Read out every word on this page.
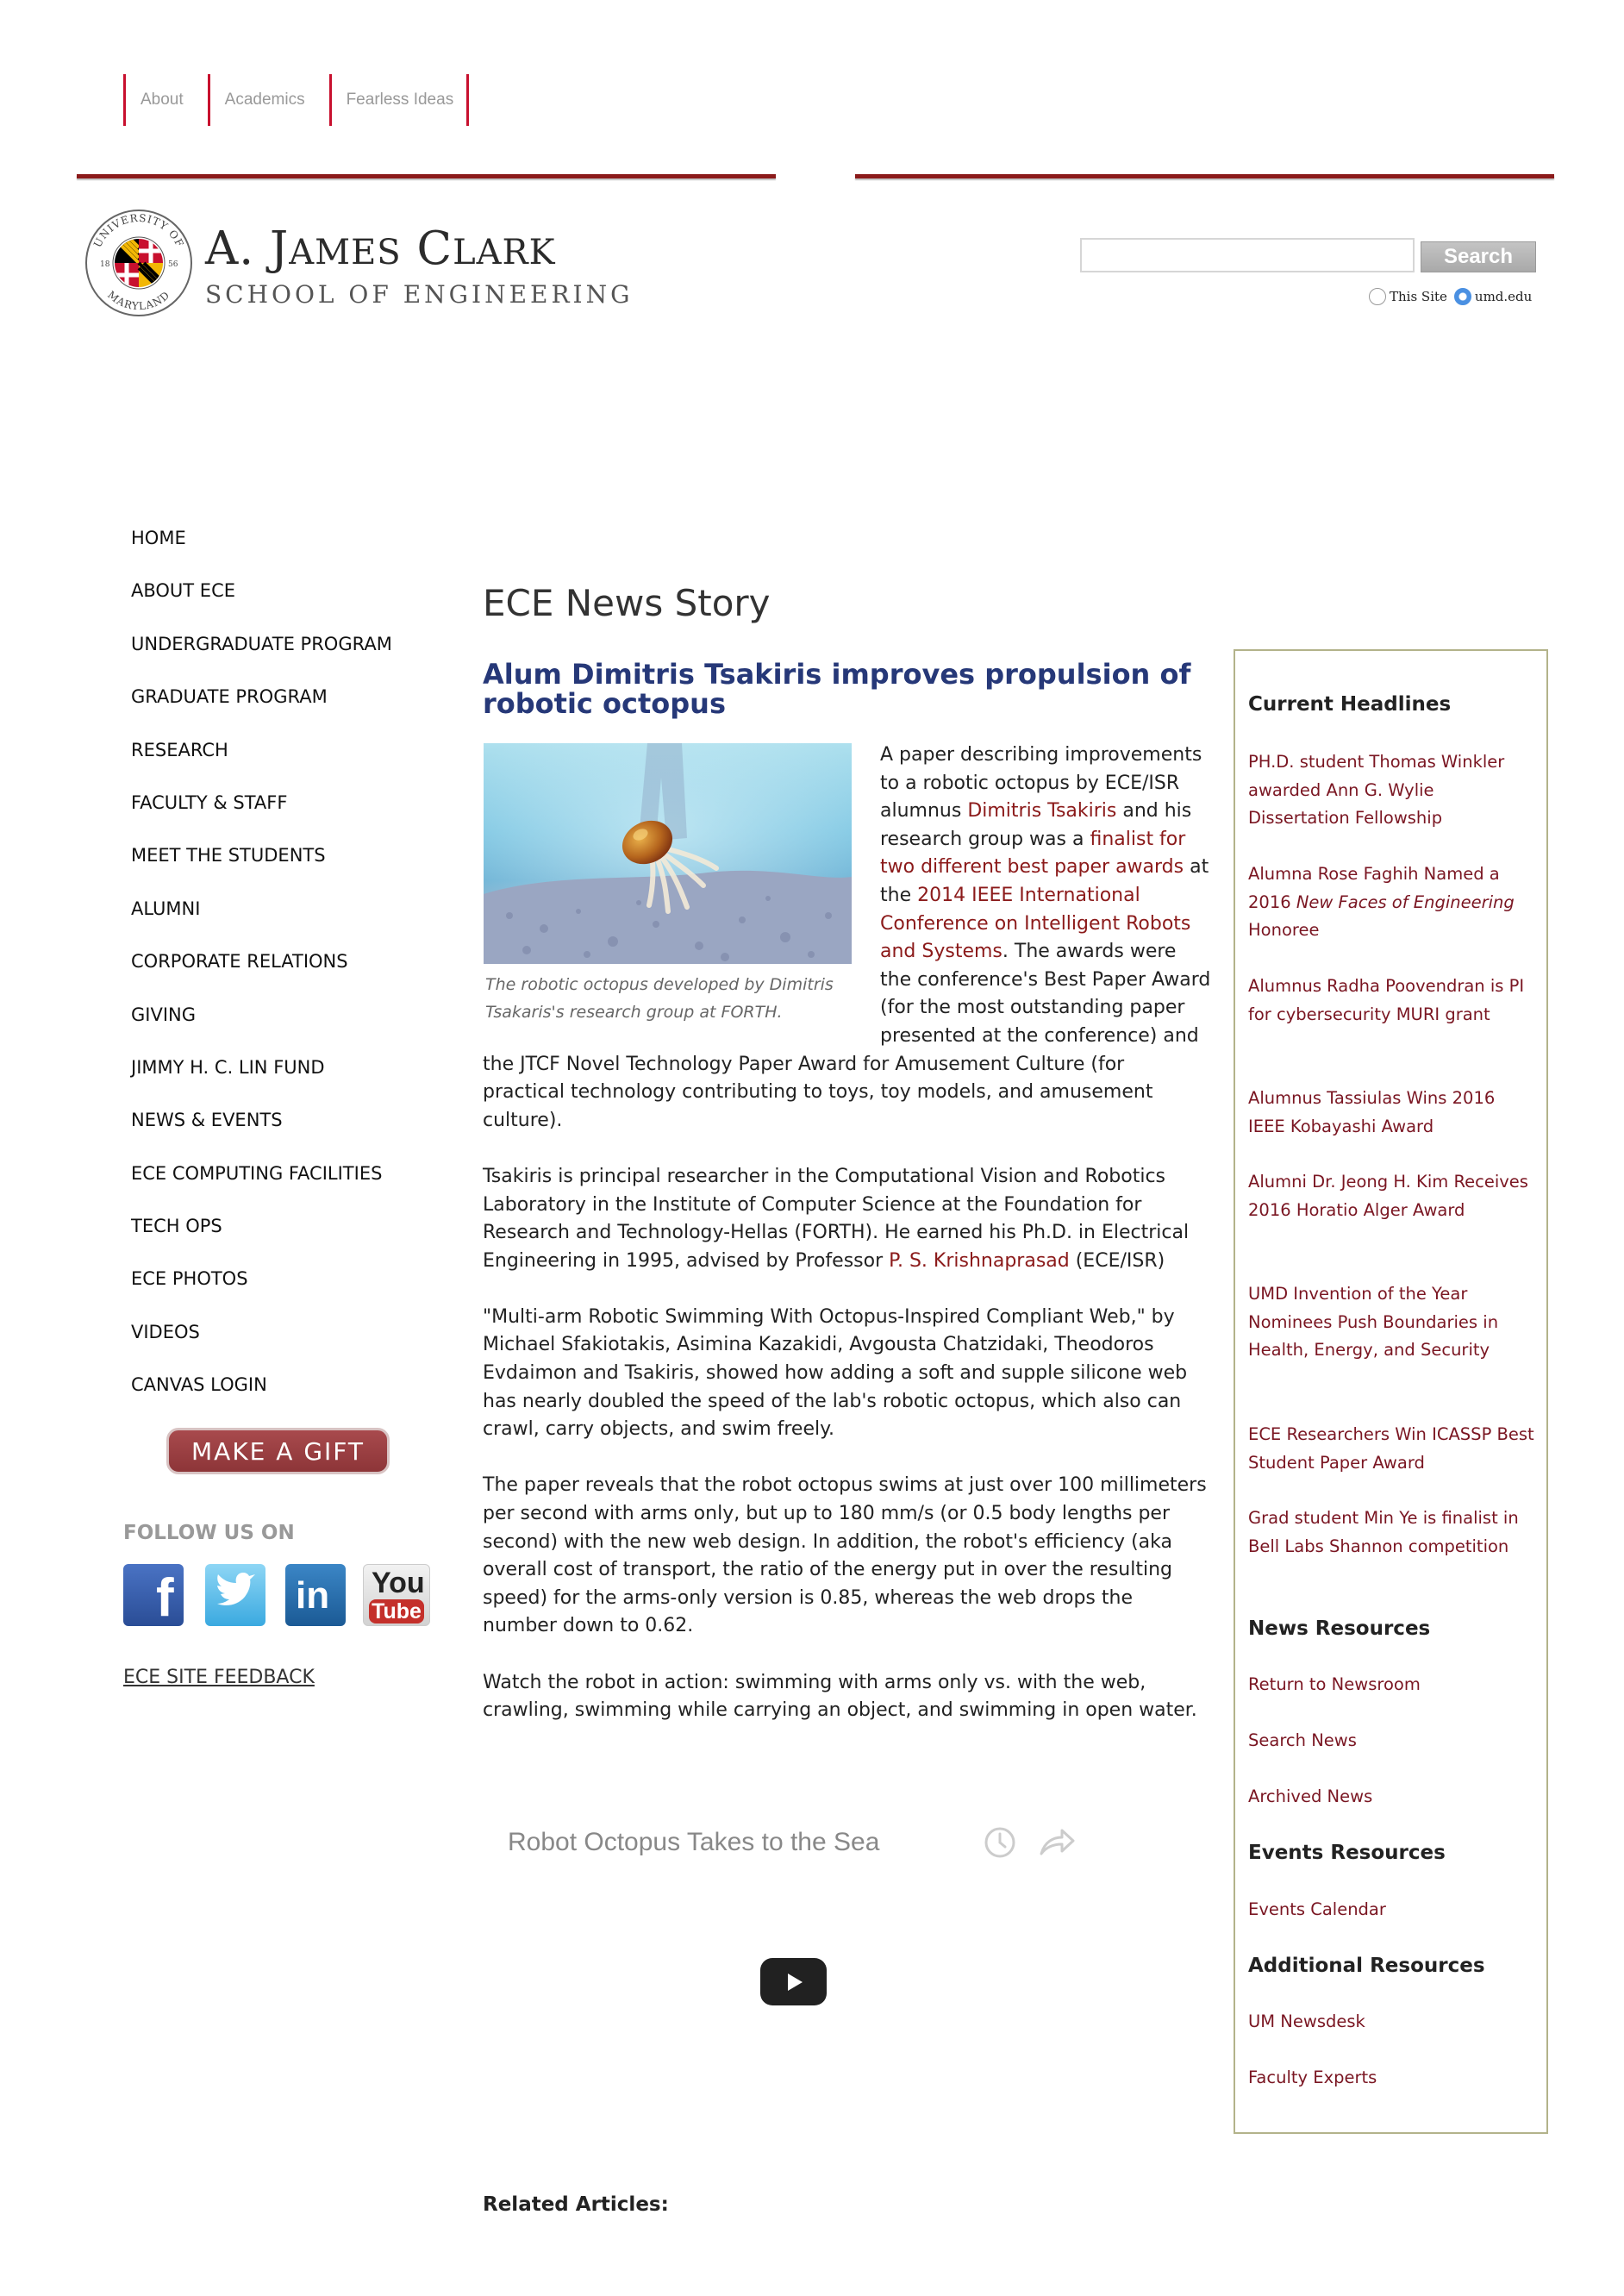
About	Academics	Fearless Ideas
UNIVERSITY OF
MARYLAND
18	56 A. JAMES CLARK
SCHOOL OF ENGINEERING
Search
This Site umd.edu
HOME
ABOUT ECE
UNDERGRADUATE PROGRAM
GRADUATE PROGRAM
RESEARCH
FACULTY & STAFF
MEET THE STUDENTS
ALUMNI
CORPORATE RELATIONS
GIVING
JIMMY H. C. LIN FUND
NEWS & EVENTS
ECE COMPUTING FACILITIES
TECH OPS
ECE PHOTOS
VIDEOS
CANVAS LOGIN
MAKE A GIFT
FOLLOW US ON
f	in You
Tube
ECE SITE FEEDBACK
ECE News Story
Alum Dimitris Tsakiris improves propulsion of robotic octopus
The robotic octopus developed by Dimitris Tsakaris's research group at FORTH.

A paper describing improvements to a robotic octopus by ECE/ISR alumnus Dimitris Tsakiris and his research group was a finalist for two different best paper awards at the 2014 IEEE International Conference on Intelligent Robots and Systems. The awards were the conference's Best Paper Award (for the most outstanding paper presented at the conference) and the JTCF Novel Technology Paper Award for Amusement Culture (for practical technology contributing to toys, toy models, and amusement culture).

Tsakiris is principal researcher in the Computational Vision and Robotics Laboratory in the Institute of Computer Science at the Foundation for Research and Technology-Hellas (FORTH). He earned his Ph.D. in Electrical Engineering in 1995, advised by Professor P. S. Krishnaprasad (ECE/ISR)

"Multi-arm Robotic Swimming With Octopus-Inspired Compliant Web," by Michael Sfakiotakis, Asimina Kazakidi, Avgousta Chatzidaki, Theodoros Evdaimon and Tsakiris, showed how adding a soft and supple silicone web has nearly doubled the speed of the lab's robotic octopus, which also can crawl, carry objects, and swim freely.

The paper reveals that the robot octopus swims at just over 100 millimeters per second with arms only, but up to 180 mm/s (or 0.5 body lengths per second) with the new web design. In addition, the robot's efficiency (aka overall cost of transport, the ratio of the energy put in over the resulting speed) for the arms-only version is 0.85, whereas the web drops the number down to 0.62.

Watch the robot in action: swimming with arms only vs. with the web, crawling, swimming while carrying an object, and swimming in open water.

Robot Octopus Takes to the Sea
Related Articles:
Current Headlines
PH.D. student Thomas Winkler awarded Ann G. Wylie Dissertation Fellowship
Alumna Rose Faghih Named a 2016 New Faces of Engineering Honoree
Alumnus Radha Poovendran is PI for cybersecurity MURI grant
Alumnus Tassiulas Wins 2016 IEEE Kobayashi Award
Alumni Dr. Jeong H. Kim Receives 2016 Horatio Alger Award
UMD Invention of the Year Nominees Push Boundaries in Health, Energy, and Security
ECE Researchers Win ICASSP Best Student Paper Award
Grad student Min Ye is finalist in Bell Labs Shannon competition
News Resources
Return to Newsroom
Search News
Archived News
Events Resources
Events Calendar
Additional Resources
UM Newsdesk
Faculty Experts
